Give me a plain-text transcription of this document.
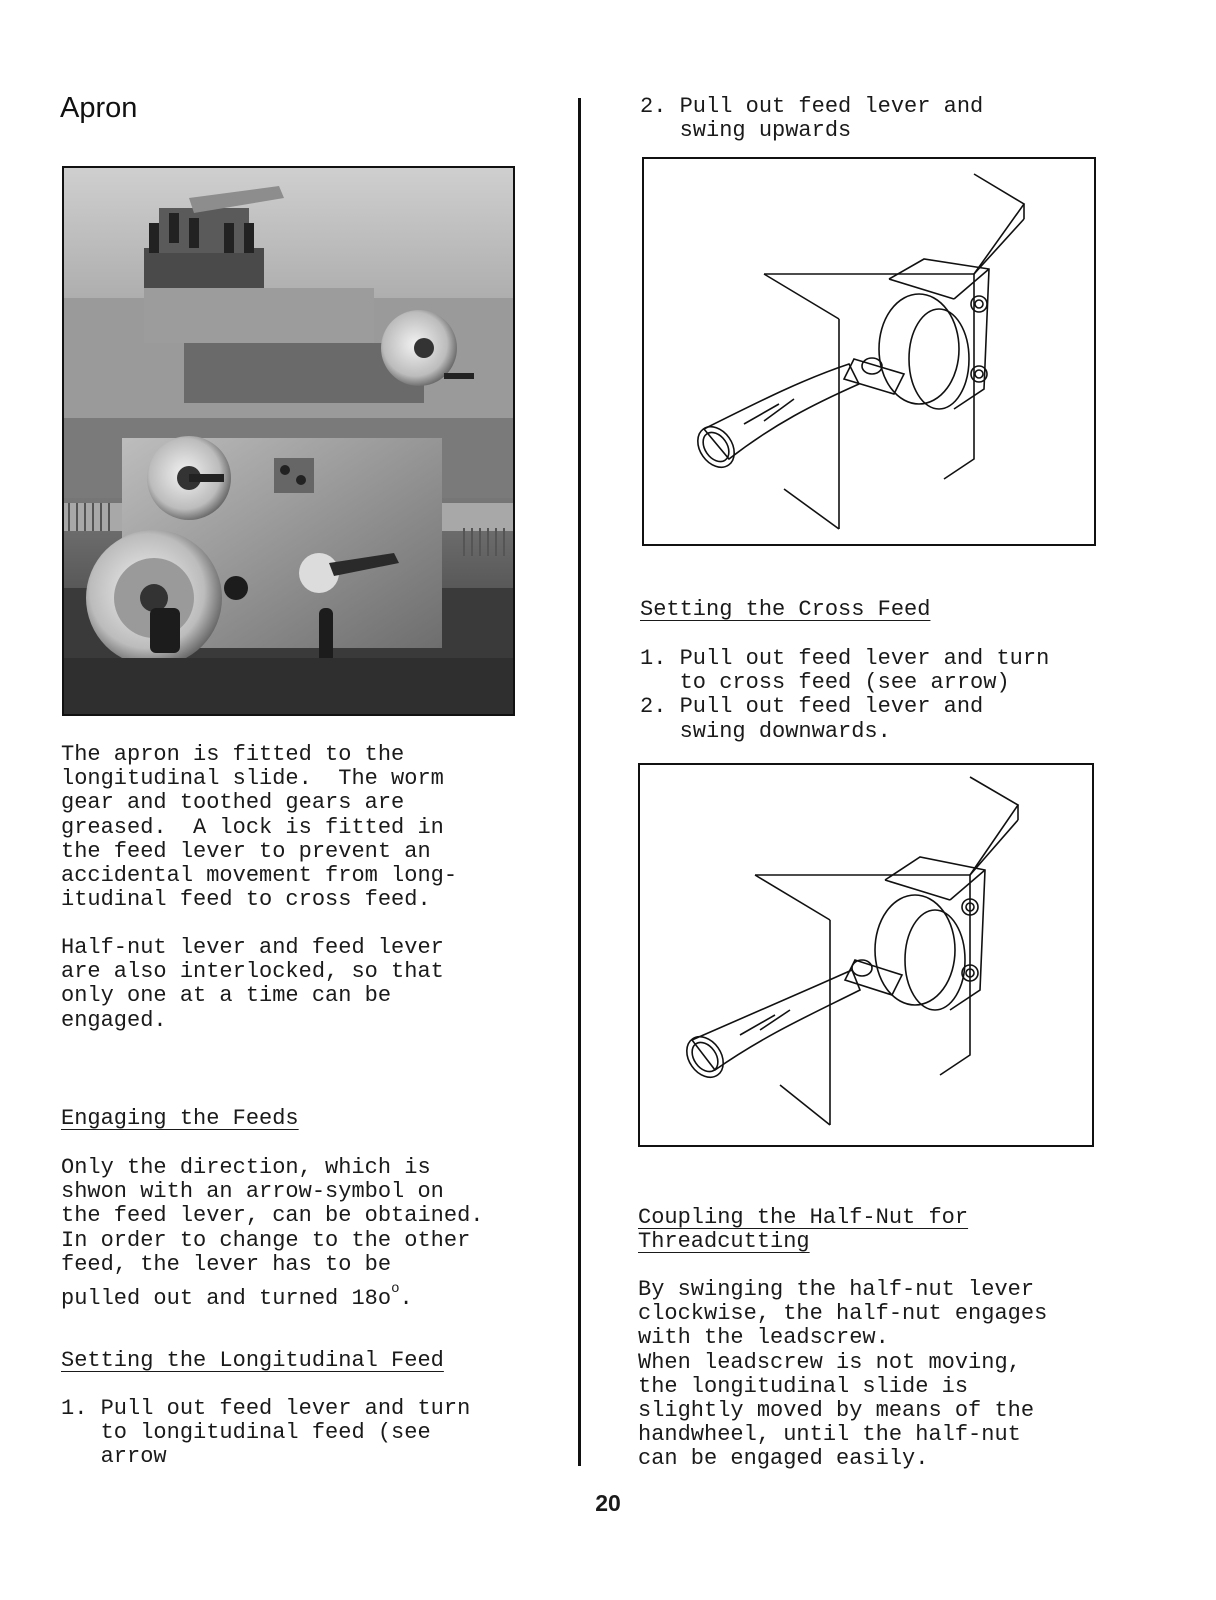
Apron
The apron is fitted to the
longitudinal slide.  The worm
gear and toothed gears are
greased.  A lock is fitted in
the feed lever to prevent an
accidental movement from long-
itudinal feed to cross feed.
Half-nut lever and feed lever
are also interlocked, so that
only one at a time can be
engaged.
Engaging the Feeds
Only the direction, which is
shwon with an arrow-symbol on
the feed lever, can be obtained.
In order to change to the other
feed, the lever has to be
pulled out and turned $18o^o$.
Setting the Longitudinal Feed
1. Pull out feed lever and turn
to longitudinal feed (see
arrow
2. Pull out feed lever and
swing upwards
Setting the Cross Feed
1. Pull out feed lever and turn
to cross feed (see arrow)
2. Pull out feed lever and
swing downwards.
Coupling the Half-Nut for
Threadcutting
By swinging the half-nut lever
clockwise, the half-nut engages
with the leadscrew.
When leadscrew is not moving,
the longitudinal slide is
slightly moved by means of the
handwheel, until the half-nut
can be engaged easily.
20
